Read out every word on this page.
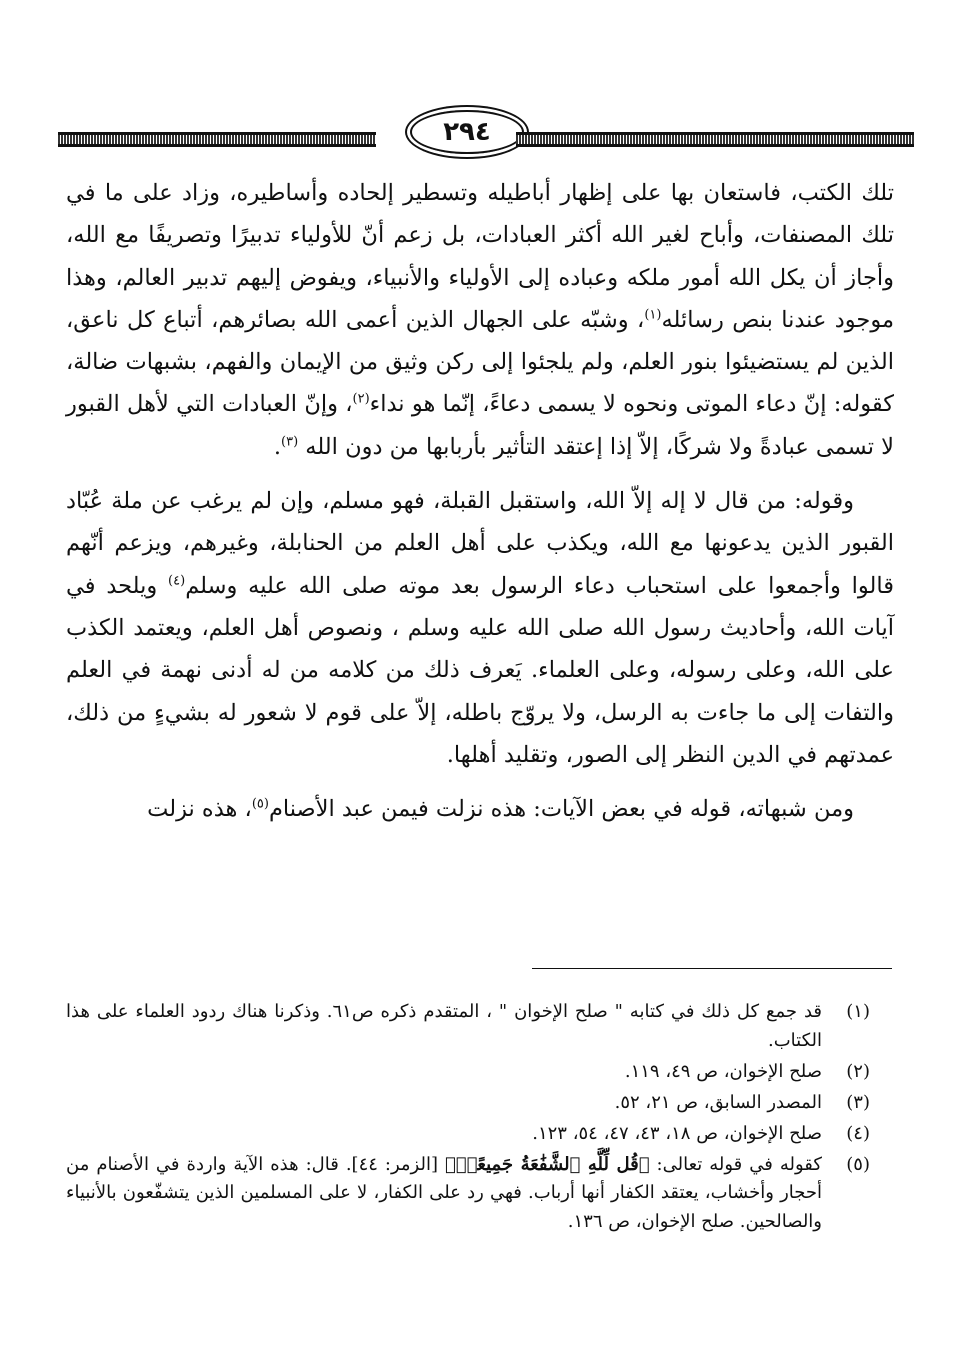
٢٩٤

تلك الكتب، فاستعان بها على إظهار أباطيله وتسطير إلحاده وأساطيره، وزاد على ما في تلك المصنفات، وأباح لغير الله أكثر العبادات، بل زعم أنّ للأولياء تدبيرًا وتصريفًا مع الله، وأجاز أن يكل الله أمور ملكه وعباده إلى الأولياء والأنبياء، ويفوض إليهم تدبير العالم، وهذا موجود عندنا بنص رسائله$^{(١)}$، وشبّه على الجهال الذين أعمى الله بصائرهم، أتباع كل ناعق، الذين لم يستضيئوا بنور العلم، ولم يلجئوا إلى ركن وثيق من الإيمان والفهم، بشبهات ضالة، كقوله: إنّ دعاء الموتى ونحوه لا يسمى دعاءً، إنّما هو نداء$^{(٢)}$، وإنّ العبادات التي لأهل القبور لا تسمى عبادةً ولا شركًا، إلاّ إذا إعتقد التأثير بأربابها من دون الله $^{(٣)}$.

وقوله: من قال لا إله إلاّ الله، واستقبل القبلة، فهو مسلم، وإن لم يرغب عن ملة عُبّاد القبور الذين يدعونها مع الله، ويكذب على أهل العلم من الحنابلة، وغيرهم، ويزعم أنّهم قالوا وأجمعوا على استحباب دعاء الرسول بعد موته صلى الله عليه وسلم$^{(٤)}$ ويلحد في آيات الله، وأحاديث رسول الله صلى الله عليه وسلم ، ونصوص أهل العلم، ويعتمد الكذب على الله، وعلى رسوله، وعلى العلماء. يَعرف ذلك من كلامه من له أدنى نهمة في العلم والتفات إلى ما جاءت به الرسل، ولا يروّج باطله، إلاّ على قوم لا شعور له بشيءٍ من ذلك، عمدتهم في الدين النظر إلى الصور، وتقليد أهلها.

ومن شبهاته، قوله في بعض الآيات: هذه نزلت فيمن عبد الأصنام$^{(٥)}$، هذه نزلت

(١)
قد جمع كل ذلك في كتابه " صلح الإخوان " ، المتقدم ذكره ص٦١. وذكرنا هناك ردود العلماء على هذا الكتاب.
(٢)
صلح الإخوان، ص ٤٩، ١١٩.
(٣)
المصدر السابق، ص ٢١، ٥٢.
(٤)
صلح الإخوان، ص ١٨، ٤٣، ٤٧، ٥٤، ١٢٣.
(٥)
كقوله في قوله تعالى: ﴿قُل لِّلَّهِ ٱلشَّفَٰعَةُ جَمِيعًاۖ﴾ [الزمر: ٤٤]. قال: هذه الآية واردة في الأصنام من أحجار وأخشاب، يعتقد الكفار أنها أرباب. فهي رد على الكفار، لا على المسلمين الذين يتشفّعون بالأنبياء والصالحين. صلح الإخوان، ص ١٣٦.
